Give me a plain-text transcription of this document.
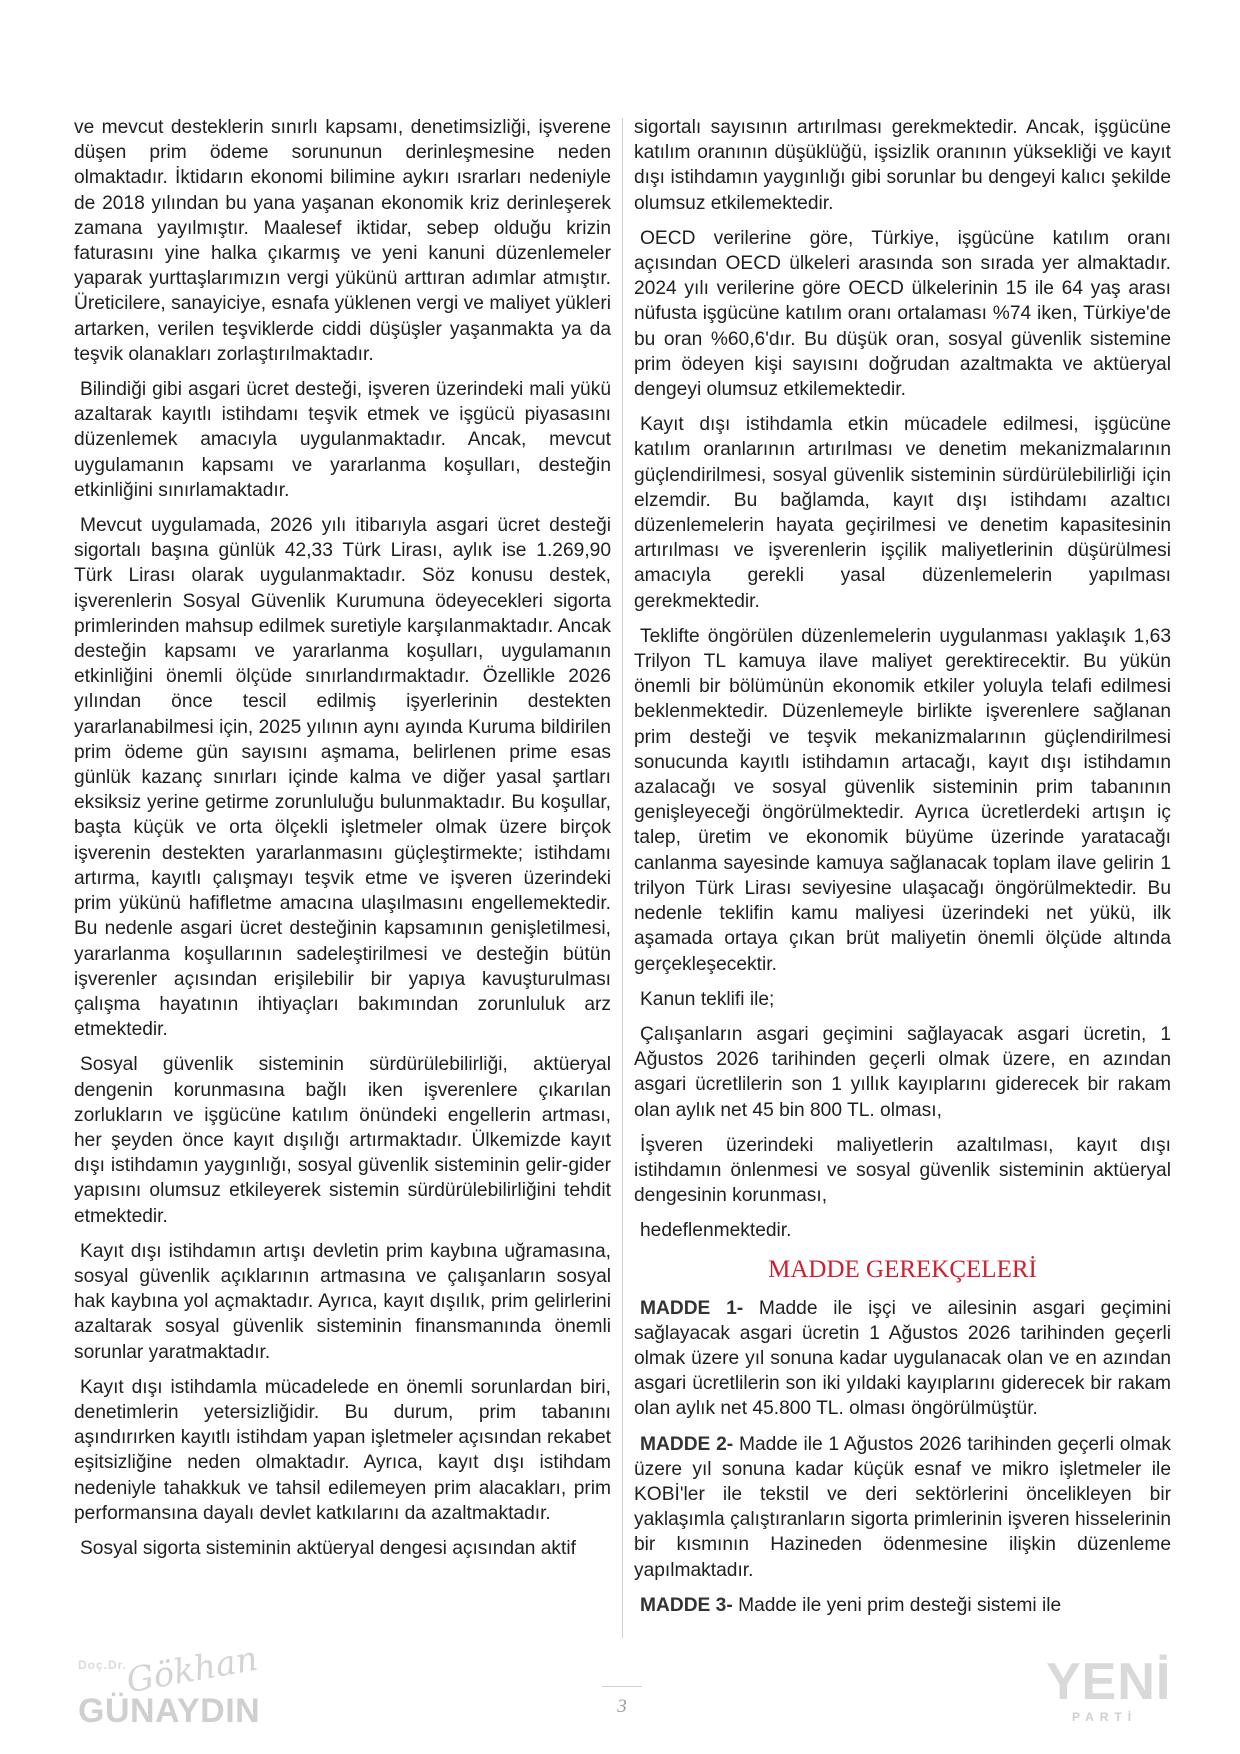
ve mevcut desteklerin sınırlı kapsamı, denetimsizliği, işverene düşen prim ödeme sorununun derinleşmesine neden olmaktadır. İktidarın ekonomi bilimine aykırı ısrarları nedeniyle de 2018 yılından bu yana yaşanan ekonomik kriz derinleşerek zamana yayılmıştır. Maalesef iktidar, sebep olduğu krizin faturasını yine halka çıkarmış ve yeni kanuni düzenlemeler yaparak yurttaşlarımızın vergi yükünü arttıran adımlar atmıştır. Üreticilere, sanayiciye, esnafa yüklenen vergi ve maliyet yükleri artarken, verilen teşviklerde ciddi düşüşler yaşanmakta ya da teşvik olanakları zorlaştırılmaktadır.

Bilindiği gibi asgari ücret desteği, işveren üzerindeki mali yükü azaltarak kayıtlı istihdamı teşvik etmek ve işgücü piyasasını düzenlemek amacıyla uygulanmaktadır. Ancak, mevcut uygulamanın kapsamı ve yararlanma koşulları, desteğin etkinliğini sınırlamaktadır.

Mevcut uygulamada, 2026 yılı itibarıyla asgari ücret desteği sigortalı başına günlük 42,33 Türk Lirası, aylık ise 1.269,90 Türk Lirası olarak uygulanmaktadır. Söz konusu destek, işverenlerin Sosyal Güvenlik Kurumuna ödeyecekleri sigorta primlerinden mahsup edilmek suretiyle karşılanmaktadır. Ancak desteğin kapsamı ve yararlanma koşulları, uygulamanın etkinliğini önemli ölçüde sınırlandırmaktadır. Özellikle 2026 yılından önce tescil edilmiş işyerlerinin destekten yararlanabilmesi için, 2025 yılının aynı ayında Kuruma bildirilen prim ödeme gün sayısını aşmama, belirlenen prime esas günlük kazanç sınırları içinde kalma ve diğer yasal şartları eksiksiz yerine getirme zorunluluğu bulunmaktadır. Bu koşullar, başta küçük ve orta ölçekli işletmeler olmak üzere birçok işverenin destekten yararlanmasını güçleştirmekte; istihdamı artırma, kayıtlı çalışmayı teşvik etme ve işveren üzerindeki prim yükünü hafifletme amacına ulaşılmasını engellemektedir. Bu nedenle asgari ücret desteğinin kapsamının genişletilmesi, yararlanma koşullarının sadeleştirilmesi ve desteğin bütün işverenler açısından erişilebilir bir yapıya kavuşturulması çalışma hayatının ihtiyaçları bakımından zorunluluk arz etmektedir.

Sosyal güvenlik sisteminin sürdürülebilirliği, aktüeryal dengenin korunmasına bağlı iken işverenlere çıkarılan zorlukların ve işgücüne katılım önündeki engellerin artması, her şeyden önce kayıt dışılığı artırmaktadır. Ülkemizde kayıt dışı istihdamın yaygınlığı, sosyal güvenlik sisteminin gelir-gider yapısını olumsuz etkileyerek sistemin sürdürülebilirliğini tehdit etmektedir.

Kayıt dışı istihdamın artışı devletin prim kaybına uğramasına, sosyal güvenlik açıklarının artmasına ve çalışanların sosyal hak kaybına yol açmaktadır. Ayrıca, kayıt dışılık, prim gelirlerini azaltarak sosyal güvenlik sisteminin finansmanında önemli sorunlar yaratmaktadır.

Kayıt dışı istihdamla mücadelede en önemli sorunlardan biri, denetimlerin yetersizliğidir. Bu durum, prim tabanını aşındırırken kayıtlı istihdam yapan işletmeler açısından rekabet eşitsizliğine neden olmaktadır. Ayrıca, kayıt dışı istihdam nedeniyle tahakkuk ve tahsil edilemeyen prim alacakları, prim performansına dayalı devlet katkılarını da azaltmaktadır.

Sosyal sigorta sisteminin aktüeryal dengesi açısından aktif

sigortalı sayısının artırılması gerekmektedir. Ancak, işgücüne katılım oranının düşüklüğü, işsizlik oranının yüksekliği ve kayıt dışı istihdamın yaygınlığı gibi sorunlar bu dengeyi kalıcı şekilde olumsuz etkilemektedir.

OECD verilerine göre, Türkiye, işgücüne katılım oranı açısından OECD ülkeleri arasında son sırada yer almaktadır. 2024 yılı verilerine göre OECD ülkelerinin 15 ile 64 yaş arası nüfusta işgücüne katılım oranı ortalaması %74 iken, Türkiye'de bu oran %60,6'dır. Bu düşük oran, sosyal güvenlik sistemine prim ödeyen kişi sayısını doğrudan azaltmakta ve aktüeryal dengeyi olumsuz etkilemektedir.

Kayıt dışı istihdamla etkin mücadele edilmesi, işgücüne katılım oranlarının artırılması ve denetim mekanizmalarının güçlendirilmesi, sosyal güvenlik sisteminin sürdürülebilirliği için elzemdir. Bu bağlamda, kayıt dışı istihdamı azaltıcı düzenlemelerin hayata geçirilmesi ve denetim kapasitesinin artırılması ve işverenlerin işçilik maliyetlerinin düşürülmesi amacıyla gerekli yasal düzenlemelerin yapılması gerekmektedir.

Teklifte öngörülen düzenlemelerin uygulanması yaklaşık 1,63 Trilyon TL kamuya ilave maliyet gerektirecektir. Bu yükün önemli bir bölümünün ekonomik etkiler yoluyla telafi edilmesi beklenmektedir. Düzenlemeyle birlikte işverenlere sağlanan prim desteği ve teşvik mekanizmalarının güçlendirilmesi sonucunda kayıtlı istihdamın artacağı, kayıt dışı istihdamın azalacağı ve sosyal güvenlik sisteminin prim tabanının genişleyeceği öngörülmektedir. Ayrıca ücretlerdeki artışın iç talep, üretim ve ekonomik büyüme üzerinde yaratacağı canlanma sayesinde kamuya sağlanacak toplam ilave gelirin 1 trilyon Türk Lirası seviyesine ulaşacağı öngörülmektedir. Bu nedenle teklifin kamu maliyesi üzerindeki net yükü, ilk aşamada ortaya çıkan brüt maliyetin önemli ölçüde altında gerçekleşecektir.

Kanun teklifi ile;

Çalışanların asgari geçimini sağlayacak asgari ücretin, 1 Ağustos 2026 tarihinden geçerli olmak üzere, en azından asgari ücretlilerin son 1 yıllık kayıplarını giderecek bir rakam olan aylık net 45 bin 800 TL. olması,

İşveren üzerindeki maliyetlerin azaltılması, kayıt dışı istihdamın önlenmesi ve sosyal güvenlik sisteminin aktüeryal dengesinin korunması,

hedeflenmektedir.

MADDE GEREKÇELERİ

MADDE 1- Madde ile işçi ve ailesinin asgari geçimini sağlayacak asgari ücretin 1 Ağustos 2026 tarihinden geçerli olmak üzere yıl sonuna kadar uygulanacak olan ve en azından asgari ücretlilerin son iki yıldaki kayıplarını giderecek bir rakam olan aylık net 45.800 TL. olması öngörülmüştür.

MADDE 2- Madde ile 1 Ağustos 2026 tarihinden geçerli olmak üzere yıl sonuna kadar küçük esnaf ve mikro işletmeler ile KOBİ'ler ile tekstil ve deri sektörlerini öncelikleyen bir yaklaşımla çalıştıranların sigorta primlerinin işveren hisselerinin bir kısmının Hazineden ödenmesine ilişkin düzenleme yapılmaktadır.

MADDE 3- Madde ile yeni prim desteği sistemi ile

Doç.Dr.
Gökhan
GÜNAYDIN	3	YENİ
PARTİ
